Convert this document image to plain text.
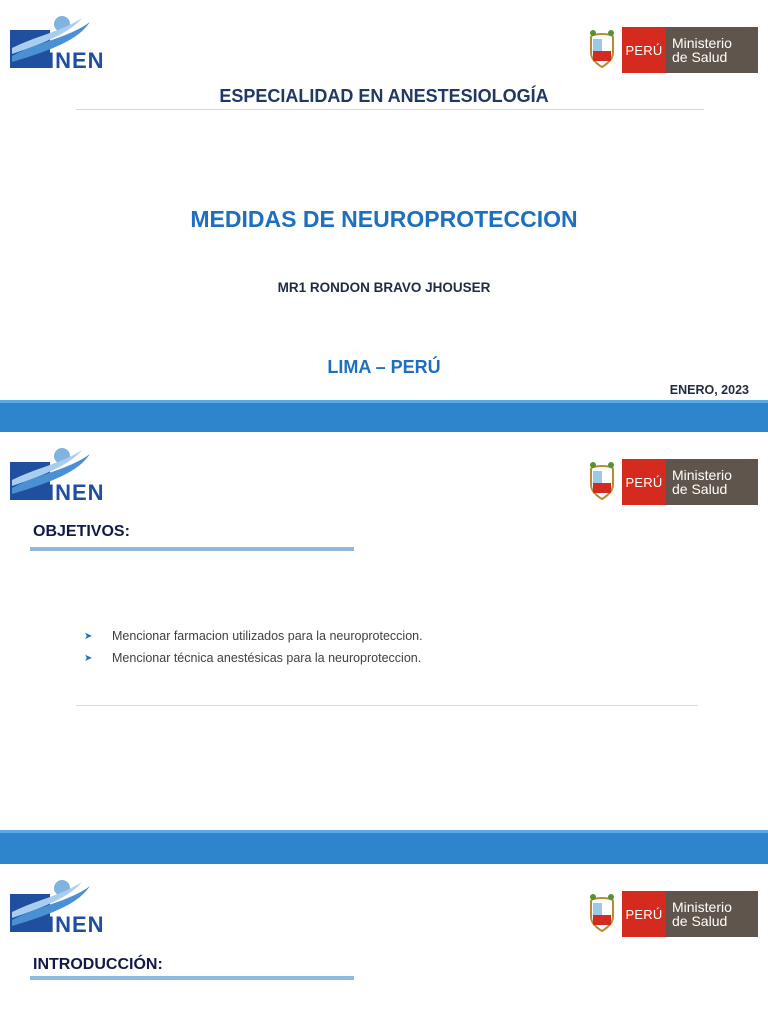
INEN	PERÚ Ministerio
de Salud
ESPECIALIDAD EN ANESTESIOLOGÍA
MEDIDAS DE NEUROPROTECCION
MR1 RONDON BRAVO JHOUSER
LIMA – PERÚ
ENERO, 2023
INEN	PERÚ Ministerio
de Salud
OBJETIVOS:
➤	Mencionar farmacion utilizados para la neuroproteccion.
➤	Mencionar técnica anestésicas para la neuroproteccion.
INEN	PERÚ Ministerio
de Salud
INTRODUCCIÓN:
